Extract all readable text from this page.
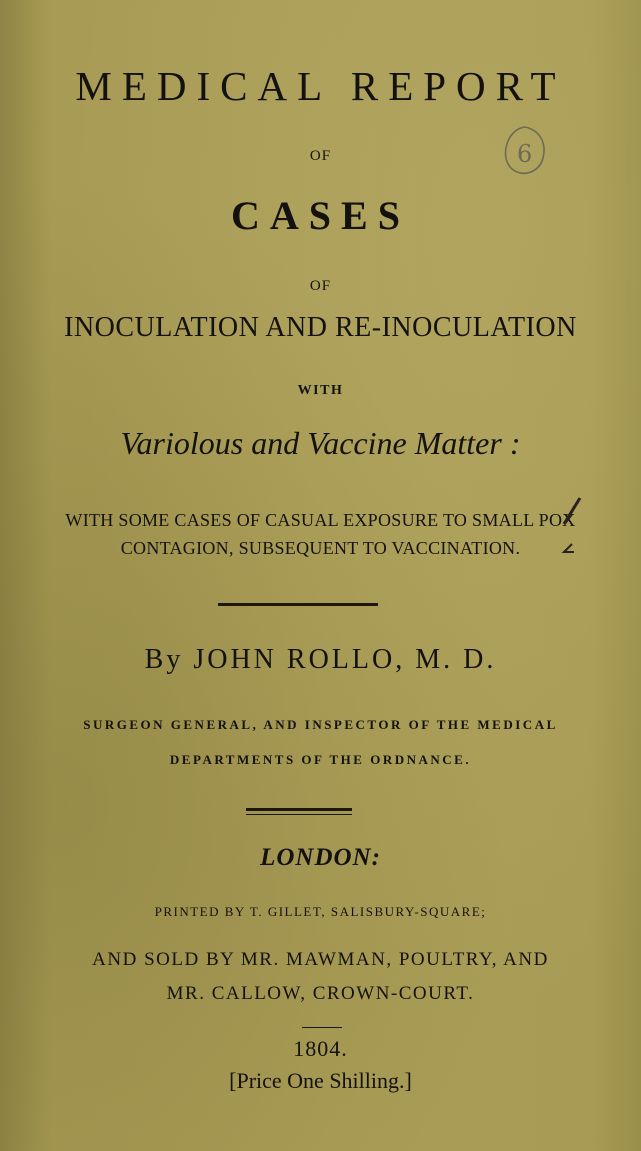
MEDICAL REPORT
OF
CASES
OF
INOCULATION AND RE-INOCULATION
WITH
Variolous and Vaccine Matter :
WITH SOME CASES OF CASUAL EXPOSURE TO SMALL POX
CONTAGION, SUBSEQUENT TO VACCINATION.
By JOHN ROLLO, M. D.
SURGEON GENERAL, AND INSPECTOR OF THE MEDICAL
DEPARTMENTS OF THE ORDNANCE.
LONDON:
PRINTED BY T. GILLET, SALISBURY-SQUARE;
AND SOLD BY MR. MAWMAN, POULTRY, AND
MR. CALLOW, CROWN-COURT.
1804.
[Price One Shilling.]
6
